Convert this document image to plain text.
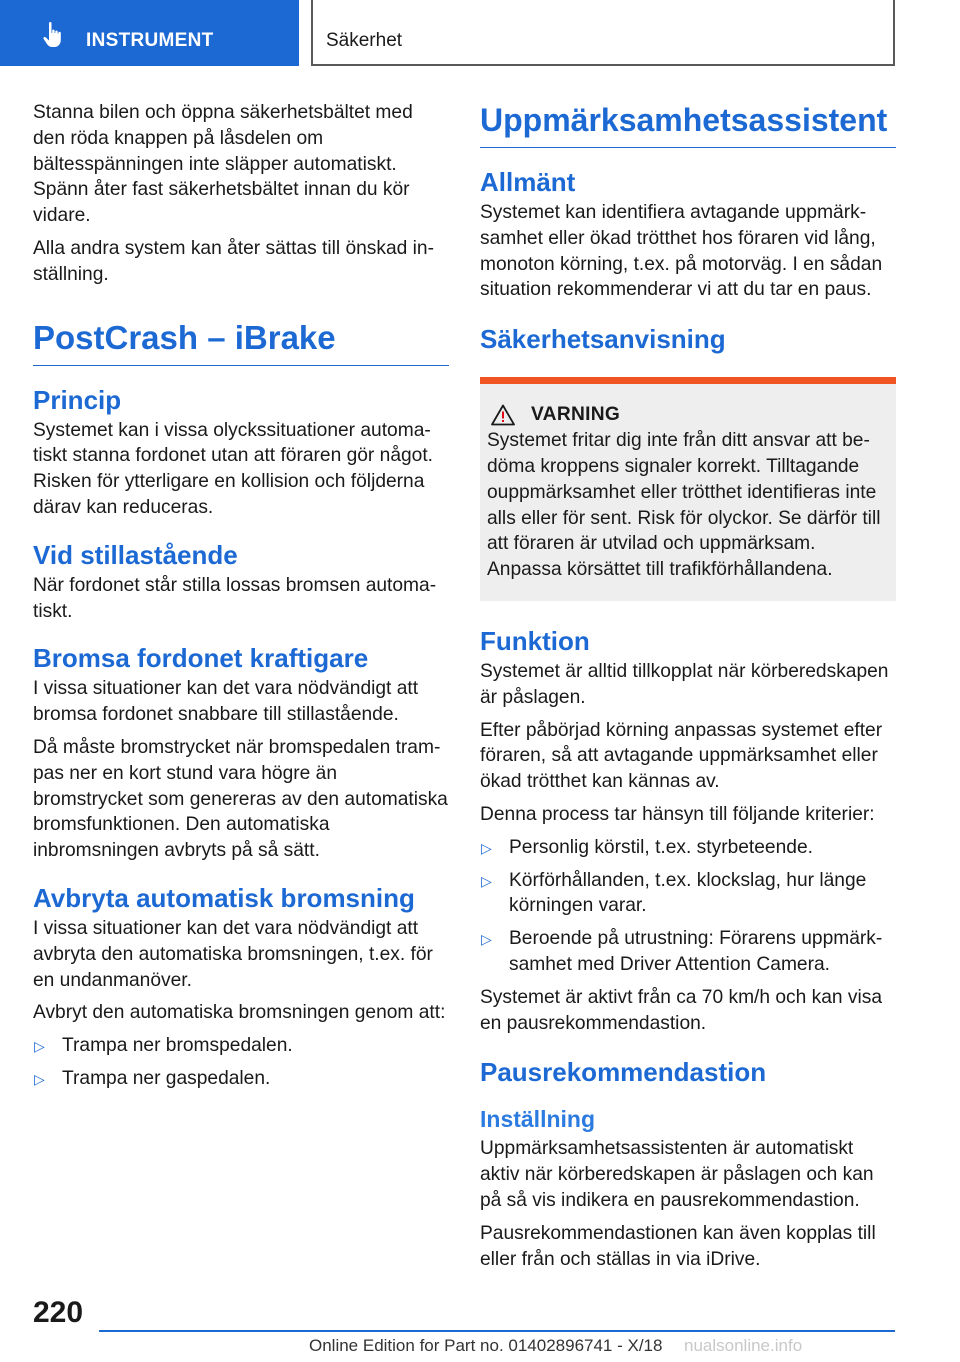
INSTRUMENT	Säkerhet

Stanna bilen och öppna säkerhetsbältet med den röda knappen på låsdelen om bältesspänningen inte släpper automatiskt. Spänn åter fast säkerhetsbältet innan du kör vidare.

Alla andra system kan åter sättas till önskad inställning.

PostCrash – iBrake
Princip

Systemet kan i vissa olyckssituationer automatiskt stanna fordonet utan att föraren gör något. Risken för ytterligare en kollision och följderna därav kan reduceras.

Vid stillastående

När fordonet står stilla lossas bromsen automatiskt.

Bromsa fordonet kraftigare

I vissa situationer kan det vara nödvändigt att bromsa fordonet snabbare till stillastående.

Då måste bromstrycket när bromspedalen trampas ner en kort stund vara högre än bromstrycket som genereras av den automatiska bromsfunktionen. Den automatiska inbromsningen avbryts på så sätt.

Avbryta automatisk bromsning

I vissa situationer kan det vara nödvändigt att avbryta den automatiska bromsningen, t.ex. för en undanmanöver.

Avbryt den automatiska bromsningen genom att:

▷ Trampa ner bromspedalen.
▷ Trampa ner gaspedalen.
Uppmärksamhetsassistent
Allmänt

Systemet kan identifiera avtagande uppmärksamhet eller ökad trötthet hos föraren vid lång, monoton körning, t.ex. på motorväg. I en sådan situation rekommenderar vi att du tar en paus.

Säkerhetsanvisning
VARNING

Systemet fritar dig inte från ditt ansvar att bedöma kroppens signaler korrekt. Tilltagande ouppmärksamhet eller trötthet identifieras inte alls eller för sent. Risk för olyckor. Se därför till att föraren är utvilad och uppmärksam. Anpassa körsättet till trafikförhållandena.

Funktion

Systemet är alltid tillkopplat när körberedskapen är påslagen.

Efter påbörjad körning anpassas systemet efter föraren, så att avtagande uppmärksamhet eller ökad trötthet kan kännas av.

Denna process tar hänsyn till följande kriterier:

▷ Personlig körstil, t.ex. styrbeteende.
▷ Körförhållanden, t.ex. klockslag, hur länge körningen varar.
▷ Beroende på utrustning: Förarens uppmärksamhet med Driver Attention Camera.

Systemet är aktivt från ca 70 km/h och kan visa en pausrekommendastion.

Pausrekommendastion
Inställning

Uppmärksamhetsassistenten är automatiskt aktiv när körberedskapen är påslagen och kan på så vis indikera en pausrekommendastion.

Pausrekommendastionen kan även kopplas till eller från och ställas in via iDrive.

220
Online Edition for Part no. 01402896741 - X/18 nualsonline.info
